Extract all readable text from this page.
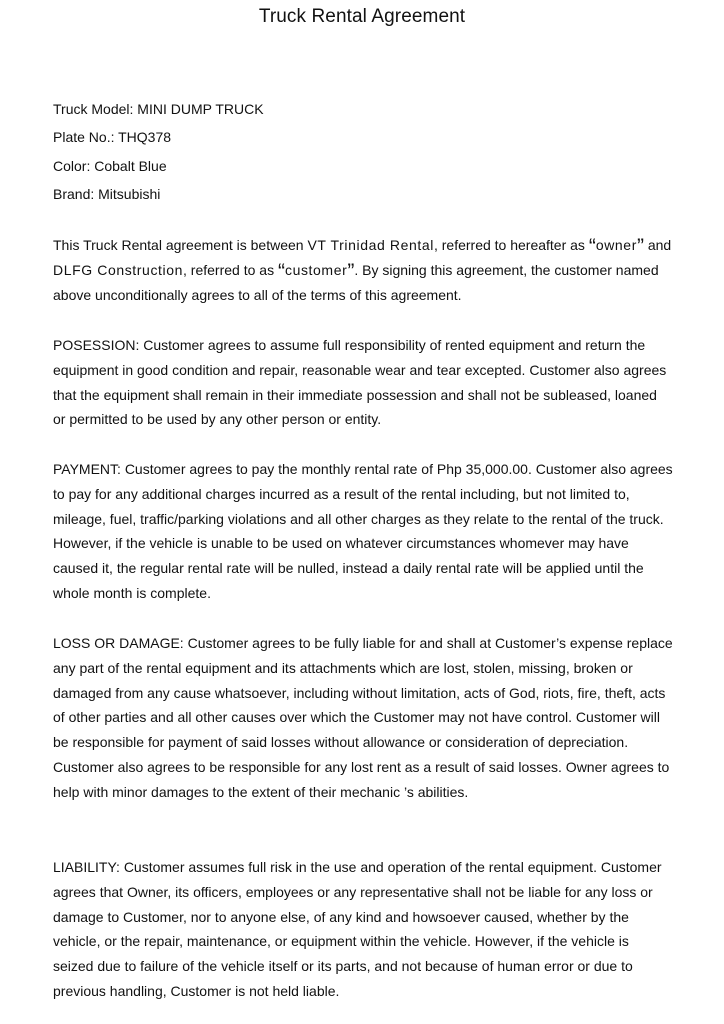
Truck Rental Agreement
Truck Model: MINI DUMP TRUCK
Plate No.: THQ378
Color: Cobalt Blue
Brand: Mitsubishi

This Truck Rental agreement is between VT Trinidad Rental, referred to hereafter as “owner” and DLFG Construction, referred to as “customer”. By signing this agreement, the customer named above unconditionally agrees to all of the terms of this agreement.

POSESSION: Customer agrees to assume full responsibility of rented equipment and return the equipment in good condition and repair, reasonable wear and tear excepted. Customer also agrees that the equipment shall remain in their immediate possession and shall not be subleased, loaned or permitted to be used by any other person or entity.

PAYMENT: Customer agrees to pay the monthly rental rate of Php 35,000.00. Customer also agrees to pay for any additional charges incurred as a result of the rental including, but not limited to, mileage, fuel, traffic/parking violations and all other charges as they relate to the rental of the truck. However, if the vehicle is unable to be used on whatever circumstances whomever may have caused it, the regular rental rate will be nulled, instead a daily rental rate will be applied until the whole month is complete.

LOSS OR DAMAGE: Customer agrees to be fully liable for and shall at Customer’s expense replace any part of the rental equipment and its attachments which are lost, stolen, missing, broken or damaged from any cause whatsoever, including without limitation, acts of God, riots, fire, theft, acts of other parties and all other causes over which the Customer may not have control. Customer will be responsible for payment of said losses without allowance or consideration of depreciation. Customer also agrees to be responsible for any lost rent as a result of said losses. Owner agrees to help with minor damages to the extent of their mechanic ’s abilities.

LIABILITY: Customer assumes full risk in the use and operation of the rental equipment. Customer agrees that Owner, its officers, employees or any representative shall not be liable for any loss or damage to Customer, nor to anyone else, of any kind and howsoever caused, whether by the vehicle, or the repair, maintenance, or equipment within the vehicle. However, if the vehicle is seized due to failure of the vehicle itself or its parts, and not because of human error or due to previous handling, Customer is not held liable.
